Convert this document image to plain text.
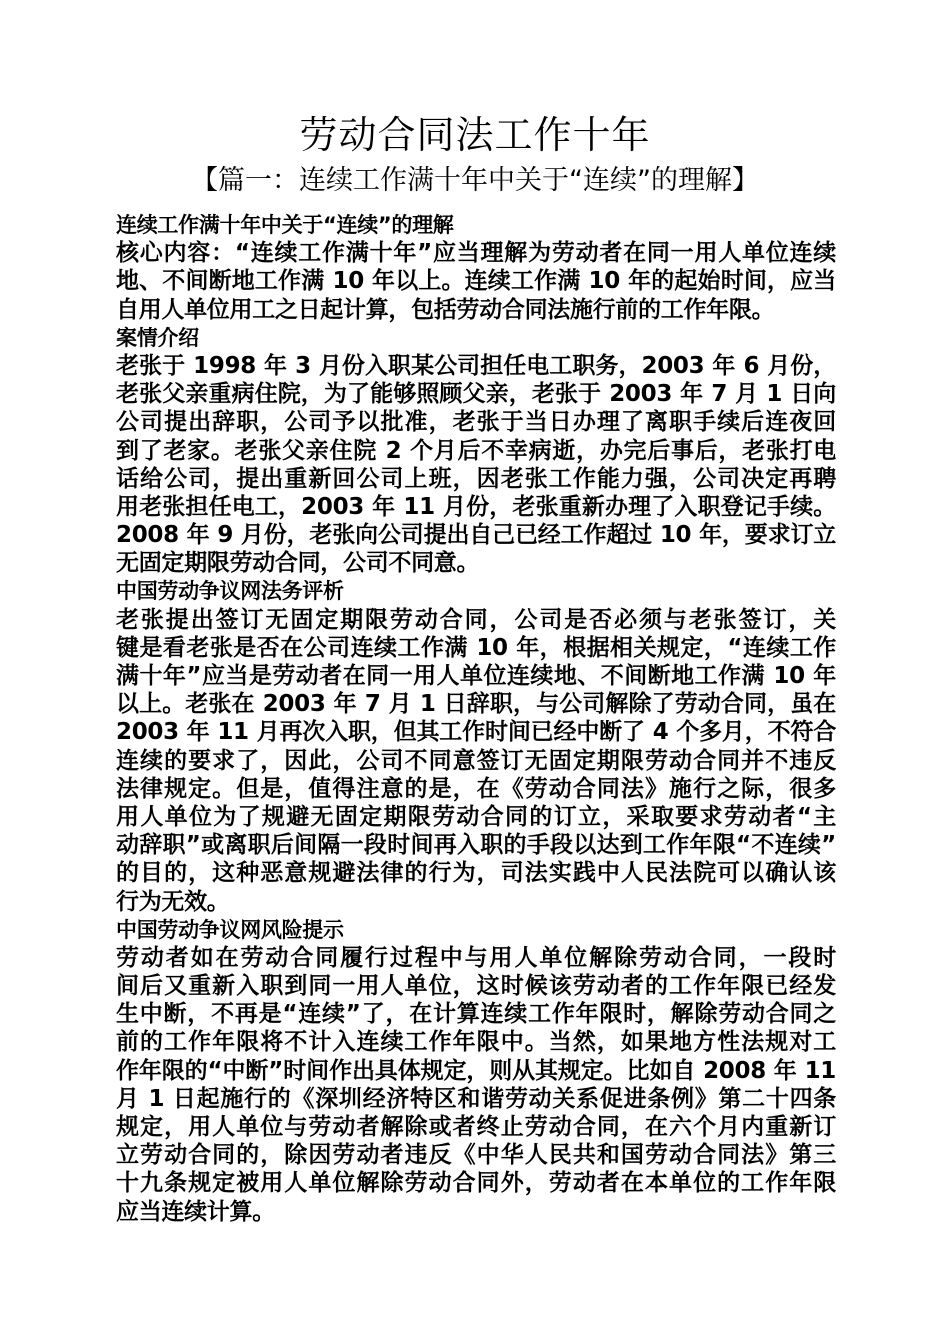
劳动合同法工作十年
【篇一：连续工作满十年中关于“连续”的理解】
连续工作满十年中关于“连续”的理解
核心内容：“连续工作满十年”应当理解为劳动者在同一用人单位连续
地、不间断地工作满 10 年以上。连续工作满 10 年的起始时间，应当
自用人单位用工之日起计算，包括劳动合同法施行前的工作年限。
案情介绍
老张于 1998 年 3 月份入职某公司担任电工职务，2003 年 6 月份，
老张父亲重病住院，为了能够照顾父亲，老张于 2003 年 7 月 1 日向
公司提出辞职，公司予以批准，老张于当日办理了离职手续后连夜回
到了老家。老张父亲住院 2 个月后不幸病逝，办完后事后，老张打电
话给公司，提出重新回公司上班，因老张工作能力强，公司决定再聘
用老张担任电工，2003 年 11 月份，老张重新办理了入职登记手续。
2008 年 9 月份，老张向公司提出自己已经工作超过 10 年，要求订立
无固定期限劳动合同，公司不同意。
中国劳动争议网法务评析
老张提出签订无固定期限劳动合同，公司是否必须与老张签订，关
键是看老张是否在公司连续工作满 10 年，根据相关规定，“连续工作
满十年”应当是劳动者在同一用人单位连续地、不间断地工作满 10 年
以上。老张在 2003 年 7 月 1 日辞职，与公司解除了劳动合同，虽在
2003 年 11 月再次入职，但其工作时间已经中断了 4 个多月，不符合
连续的要求了，因此，公司不同意签订无固定期限劳动合同并不违反
法律规定。但是，值得注意的是，在《劳动合同法》施行之际，很多
用人单位为了规避无固定期限劳动合同的订立，采取要求劳动者“主
动辞职”或离职后间隔一段时间再入职的手段以达到工作年限“不连续”
的目的，这种恶意规避法律的行为，司法实践中人民法院可以确认该
行为无效。
中国劳动争议网风险提示
劳动者如在劳动合同履行过程中与用人单位解除劳动合同，一段时
间后又重新入职到同一用人单位，这时候该劳动者的工作年限已经发
生中断，不再是“连续”了，在计算连续工作年限时，解除劳动合同之
前的工作年限将不计入连续工作年限中。当然，如果地方性法规对工
作年限的“中断”时间作出具体规定，则从其规定。比如自 2008 年 11
月 1 日起施行的《深圳经济特区和谐劳动关系促进条例》第二十四条
规定，用人单位与劳动者解除或者终止劳动合同，在六个月内重新订
立劳动合同的，除因劳动者违反《中华人民共和国劳动合同法》第三
十九条规定被用人单位解除劳动合同外，劳动者在本单位的工作年限
应当连续计算。
